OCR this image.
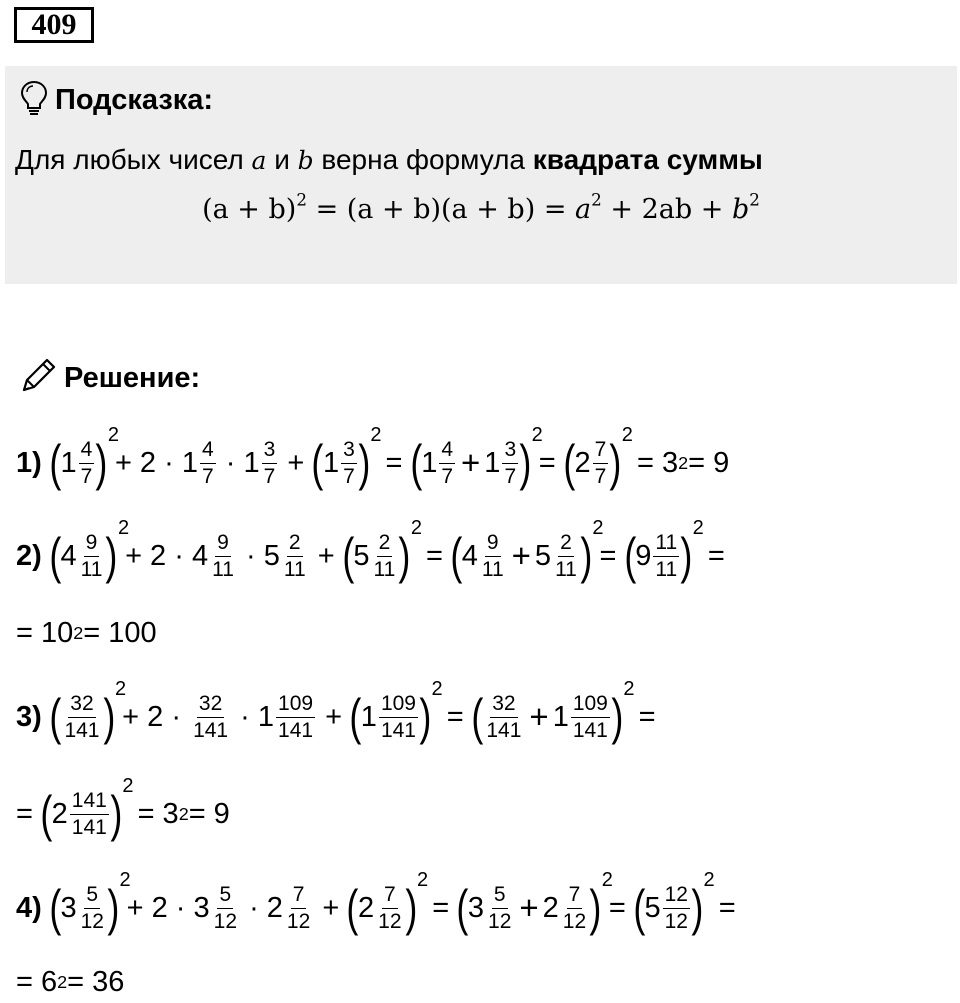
409
Подсказка:
Для любых чисел a и b верна формула квадрата суммы
$(a + b)^2 = (a + b)(a + b) = a^2 + 2ab + b^2$
Решение:
1) ( $1 \frac{4}{7}$ )
2
+ $2 \cdot 1 \frac{4}{7}$
· $1 \frac{3}{7}$
+
( $1 \frac{3}{7}$ )
2

=
( $1 \frac{4}{7} + 1 \frac{3}{7}$ )
2
=
( $2 \frac{7}{7}$ )
2

= 3 2 = 9
2) ( $4 \frac{9}{11}$ )
2
+ $2 \cdot 4 \frac{9}{11}$
· $5 \frac{2}{11}$
+
( $5 \frac{2}{11}$ )
2

=
( $4 \frac{9}{11} + 5 \frac{2}{11}$ )
2
=
( $9 \frac{11}{11}$ )
2

=
= 10 2 = 100
3) ( $\frac{32}{141}$ )
2
+ 2 ·
$\frac{32}{141}$
· $1 \frac{109}{141}$
+
( $1 \frac{109}{141}$ )
2

=
( $\frac{32}{141} + 1 \frac{109}{141}$ )
2

=
=
( $2 \frac{141}{141}$ )
2

= 3 2 = 9
4) ( $3 \frac{5}{12}$ )
2
+ $2 \cdot 3 \frac{5}{12}$
· $2 \frac{7}{12}$
+
( $2 \frac{7}{12}$ )
2

=
( $3 \frac{5}{12} + 2 \frac{7}{12}$ )
2
=
( $5 \frac{12}{12}$ )
2

=
= 6 2 = 36
